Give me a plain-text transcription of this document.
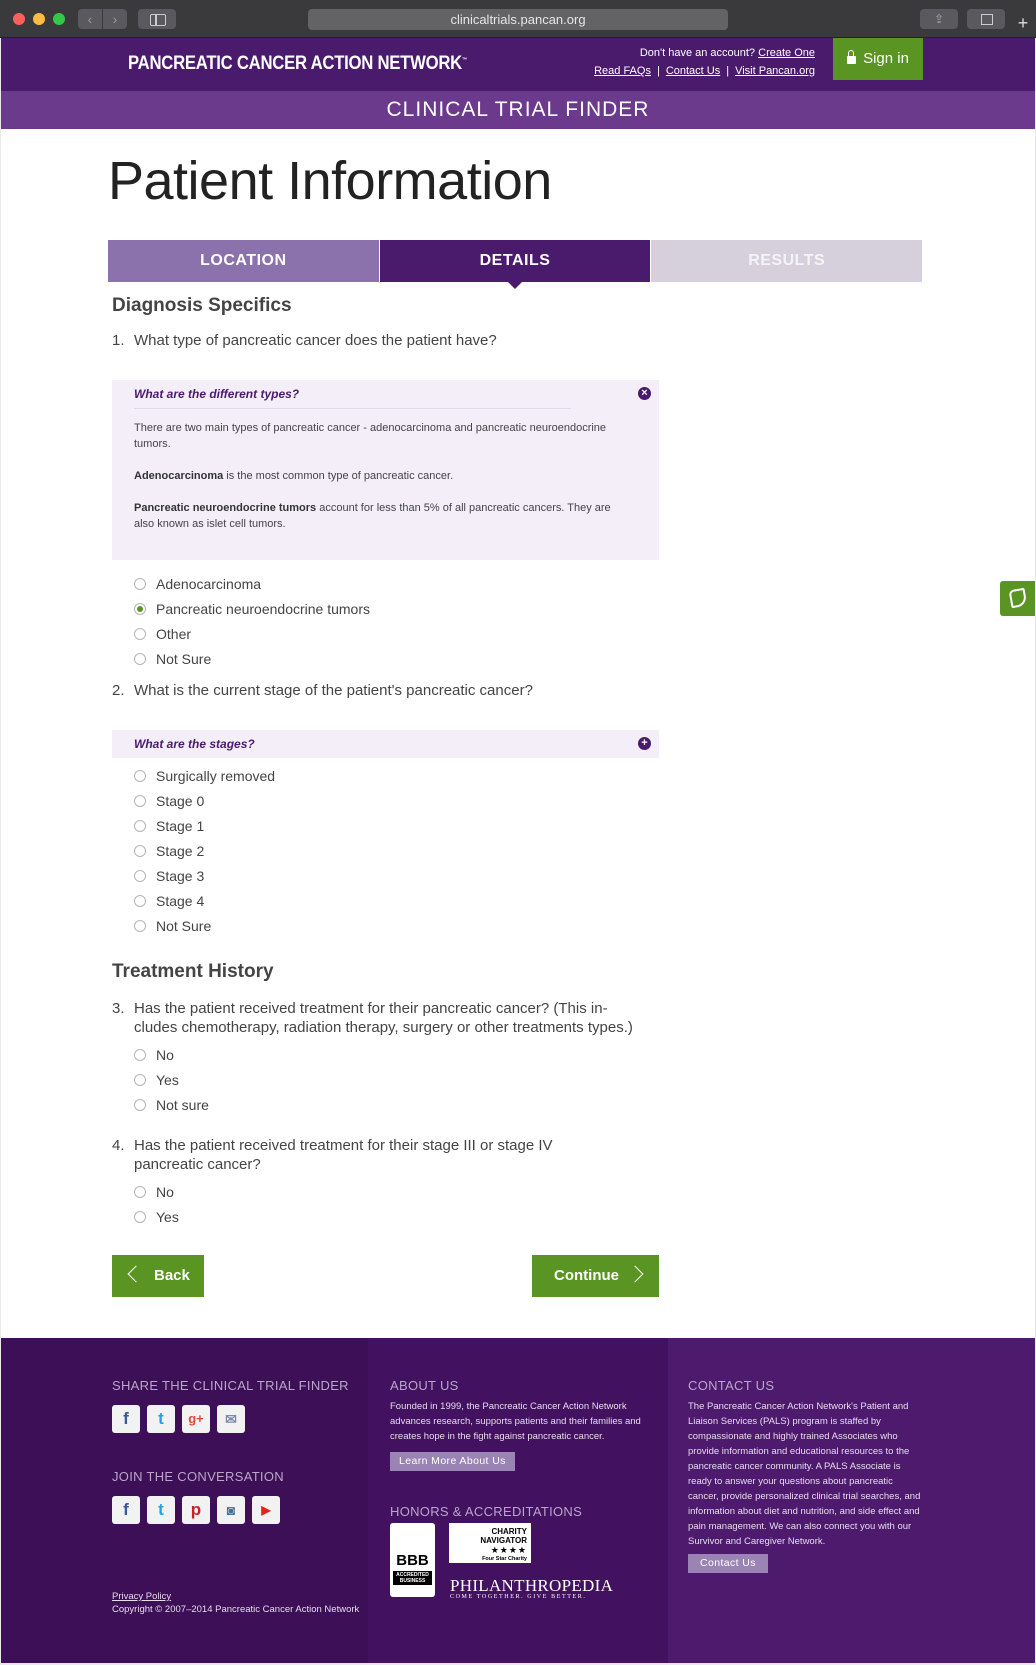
‹	›	clinicaltrials.pancan.org	⇪	+
PANCREATIC CANCER ACTION NETWORK™
Don't have an account? Create One
Read FAQs | Contact Us | Visit Pancan.org
Sign in
CLINICAL TRIAL FINDER
Patient Information
LOCATION	DETAILS	RESULTS
Diagnosis Specifics
1. What type of pancreatic cancer does the patient have?
What are the different types?	×

There are two main types of pancreatic cancer - adenocarcinoma and pancreatic neuroendocrine tumors.

Adenocarcinoma is the most common type of pancreatic cancer.

Pancreatic neuroendocrine tumors account for less than 5% of all pancreatic cancers. They are also known as islet cell tumors.

Adenocarcinoma
Pancreatic neuroendocrine tumors
Other
Not Sure
2. What is the current stage of the patient's pancreatic cancer?
What are the stages?	+
Surgically removed
Stage 0
Stage 1
Stage 2
Stage 3
Stage 4
Not Sure
Treatment History
3. Has the patient received treatment for their pancreatic cancer? (This includes chemotherapy, radiation therapy, surgery or other treatments types.)
No
Yes
Not sure
4. Has the patient received treatment for their stage III or stage IV pancreatic cancer?
No
Yes
Back	Continue
SHARE THE CLINICAL TRIAL FINDER
f	t	g+	✉
JOIN THE CONVERSATION
f	t	p	◙	▶
Privacy Policy
Copyright © 2007–2014 Pancreatic Cancer Action Network
ABOUT US
Founded in 1999, the Pancreatic Cancer Action Network advances research, supports patients and their families and creates hope in the fight against pancreatic cancer.
Learn More About Us
HONORS & ACCREDITATIONS
BBB
ACCREDITED BUSINESS
CHARITY
NAVIGATOR
★★★★
Four Star Charity
PHILANTHROPEDIA
COME TOGETHER. GIVE BETTER.
CONTACT US
The Pancreatic Cancer Action Network's Patient and Liaison Services (PALS) program is staffed by compassionate and highly trained Associates who provide information and educational resources to the pancreatic cancer community. A PALS Associate is ready to answer your questions about pancreatic cancer, provide personalized clinical trial searches, and information about diet and nutrition, and side effect and pain management. We can also connect you with our Survivor and Caregiver Network.
Contact Us
